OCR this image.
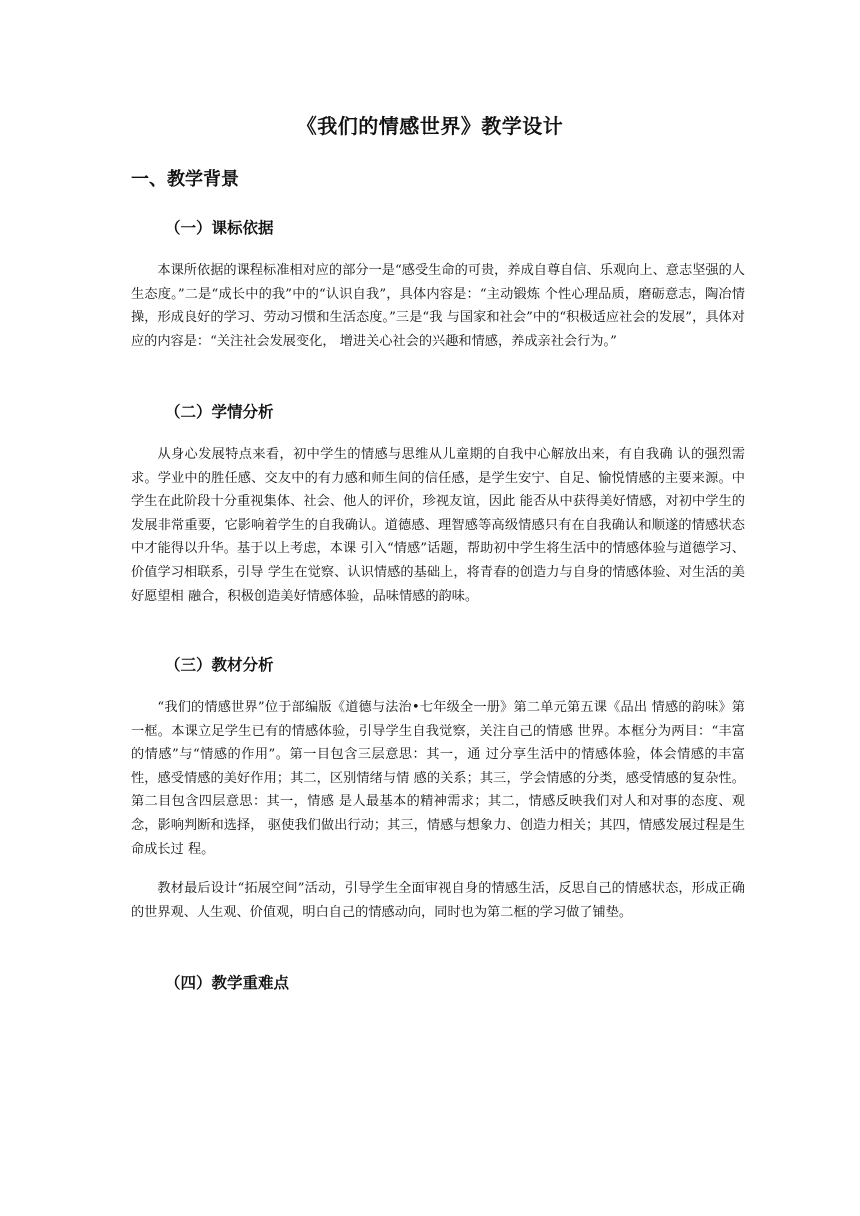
《我们的情感世界》教学设计
一、教学背景
（一）课标依据

本课所依据的课程标准相对应的部分一是“感受生命的可贵，养成自尊自信、乐观向上、意志坚强的人生态度。”二是“成长中的我”中的“认识自我”，具体内容是：“主动锻炼 个性心理品质，磨砺意志，陶冶情操，形成良好的学习、劳动习惯和生活态度。”三是“我 与国家和社会”中的“积极适应社会的发展”，具体对应的内容是：“关注社会发展变化， 增进关心社会的兴趣和情感，养成亲社会行为。”

（二）学情分析

从身心发展特点来看，初中学生的情感与思维从儿童期的自我中心解放出来，有自我确 认的强烈需求。学业中的胜任感、交友中的有力感和师生间的信任感，是学生安宁、自足、愉悦情感的主要来源。中学生在此阶段十分重视集体、社会、他人的评价，珍视友谊，因此 能否从中获得美好情感，对初中学生的发展非常重要，它影响着学生的自我确认。道德感、理智感等高级情感只有在自我确认和顺遂的情感状态中才能得以升华。基于以上考虑，本课 引入“情感”话题，帮助初中学生将生活中的情感体验与道德学习、价值学习相联系，引导 学生在觉察、认识情感的基础上，将青春的创造力与自身的情感体验、对生活的美好愿望相 融合，积极创造美好情感体验，品味情感的韵味。

（三）教材分析

“我们的情感世界”位于部编版《道德与法治•七年级全一册》第二单元第五课《品出 情感的韵味》第一框。本课立足学生已有的情感体验，引导学生自我觉察，关注自己的情感 世界。本框分为两目：“丰富的情感”与“情感的作用”。第一目包含三层意思：其一，通 过分享生活中的情感体验，体会情感的丰富性，感受情感的美好作用；其二，区别情绪与情 感的关系；其三，学会情感的分类，感受情感的复杂性。第二目包含四层意思：其一，情感 是人最基本的精神需求；其二，情感反映我们对人和对事的态度、观念，影响判断和选择， 驱使我们做出行动；其三，情感与想象力、创造力相关；其四，情感发展过程是生命成长过 程。

教材最后设计“拓展空间”活动，引导学生全面审视自身的情感生活，反思自己的情感状态，形成正确的世界观、人生观、价值观，明白自己的情感动向，同时也为第二框的学习做了铺垫。

（四）教学重难点
